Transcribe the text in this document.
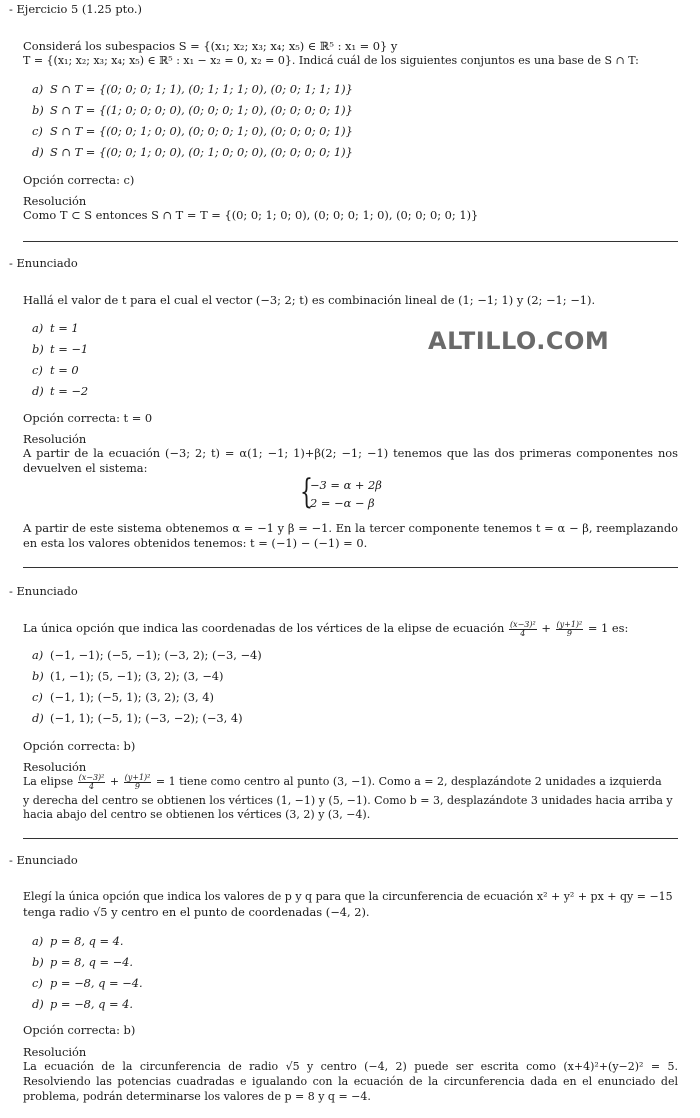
- Ejercicio 5 (1.25 pto.)
Considerá los subespacios S = {(x₁; x₂; x₃; x₄; x₅) ∈ ℝ⁵ : x₁ = 0} y
T = {(x₁; x₂; x₃; x₄; x₅) ∈ ℝ⁵ : x₁ − x₂ = 0, x₂ = 0}. Indicá cuál de los siguientes conjuntos es una base de S ∩ T:
a) S ∩ T = {(0; 0; 0; 1; 1), (0; 1; 1; 1; 0), (0; 0; 1; 1; 1)}
b) S ∩ T = {(1; 0; 0; 0; 0), (0; 0; 0; 1; 0), (0; 0; 0; 0; 1)}
c) S ∩ T = {(0; 0; 1; 0; 0), (0; 0; 0; 1; 0), (0; 0; 0; 0; 1)}
d) S ∩ T = {(0; 0; 1; 0; 0), (0; 1; 0; 0; 0), (0; 0; 0; 0; 1)}
Opción correcta: c)
Resolución
Como T ⊂ S entonces S ∩ T = T = {(0; 0; 1; 0; 0), (0; 0; 0; 1; 0), (0; 0; 0; 0; 1)}
- Enunciado
Hallá el valor de t para el cual el vector (−3; 2; t) es combinación lineal de (1; −1; 1) y (2; −1; −1).
a) t = 1
b) t = −1
c) t = 0
d) t = −2
ALTILLO.COM
Opción correcta: t = 0
Resolución
A partir de la ecuación (−3; 2; t) = α(1; −1; 1)+β(2; −1; −1) tenemos que las dos primeras componentes nos devuelven el sistema:
{
−3 = α + 2β
2 = −α − β
A partir de este sistema obtenemos α = −1 y β = −1. En la tercer componente tenemos t = α − β, reemplazando en esta los valores obtenidos tenemos: t = (−1) − (−1) = 0.
- Enunciado
La única opción que indica las coordenadas de los vértices de la elipse de ecuación $\frac{\text{(x−3)²}}{4} + \frac{\text{(y+1)²}}{9} = 1$ es:
a) (−1, −1); (−5, −1); (−3, 2); (−3, −4)
b) (1, −1); (5, −1); (3, 2); (3, −4)
c) (−1, 1); (−5, 1); (3, 2); (3, 4)
d) (−1, 1); (−5, 1); (−3, −2); (−3, 4)
Opción correcta: b)
Resolución
La elipse $\frac{\text{(x−3)²}}{4} + \frac{\text{(y+1)²}}{9} = 1$ tiene como centro al punto (3, −1). Como a = 2, desplazándote 2 unidades a izquierda
y derecha del centro se obtienen los vértices (1, −1) y (5, −1). Como b = 3, desplazándote 3 unidades hacia arriba y
hacia abajo del centro se obtienen los vértices (3, 2) y (3, −4).
- Enunciado
Elegí la única opción que indica los valores de p y q para que la circunferencia de ecuación x² + y² + px + qy = −15
tenga radio √5 y centro en el punto de coordenadas (−4, 2).
a) p = 8, q = 4.
b) p = 8, q = −4.
c) p = −8, q = −4.
d) p = −8, q = 4.
Opción correcta: b)
Resolución
La ecuación de la circunferencia de radio √5 y centro (−4, 2) puede ser escrita como (x+4)²+(y−2)² = 5. Resolviendo las potencias cuadradas e igualando con la ecuación de la circunferencia dada en el enunciado del problema, podrán determinarse los valores de p = 8 y q = −4.
